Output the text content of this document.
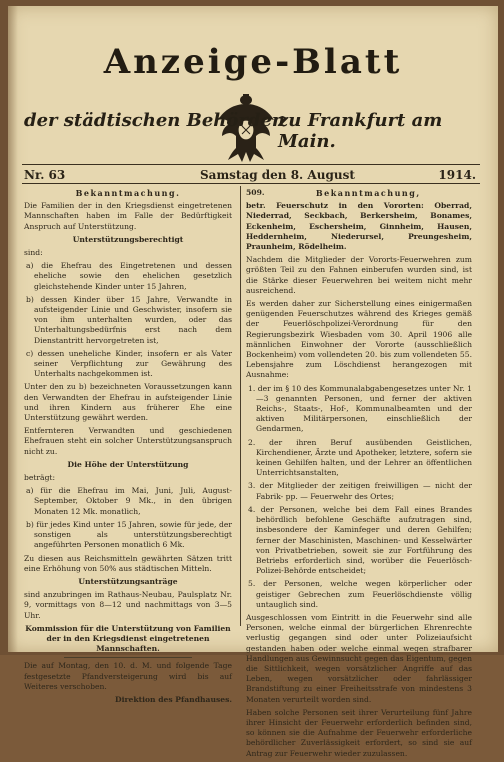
Anzeige-Blatt
der städtischen Behörden
zu Frankfurt am Main.
Nr. 63	Samstag den 8. August	1914.
Bekanntmachung.

Die Familien der in den Kriegsdienst eingetretenen Mannschaften haben im Falle der Bedürftigkeit Anspruch auf Unterstützung.

Unterstützungsberechtigt

sind:

a) die Ehefrau des Eingetretenen und dessen eheliche sowie den ehelichen gesetzlich gleichstehende Kinder unter 15 Jahren,

b) dessen Kinder über 15 Jahre, Verwandte in aufsteigender Linie und Geschwister, insofern sie von ihm unterhalten wurden, oder das Unterhaltungsbedürfnis erst nach dem Dienstantritt hervorgetreten ist,

c) dessen uneheliche Kinder, insofern er als Vater seiner Verpflichtung zur Gewährung des Unterhalts nachgekommen ist.

Unter den zu b) bezeichneten Voraussetzungen kann den Verwandten der Ehefrau in aufsteigender Linie und ihren Kindern aus früherer Ehe eine Unterstützung gewährt werden.

Entfernteren Verwandten und geschiedenen Ehefrauen steht ein solcher Unterstützungsanspruch nicht zu.

Die Höhe der Unterstützung

beträgt:

a) für die Ehefrau im Mai, Juni, Juli, August-September, Oktober 9 Mk., in den übrigen Monaten 12 Mk. monatlich,

b) für jedes Kind unter 15 Jahren, sowie für jede, der sonstigen als unterstützungsberechtigt angeführten Personen monatlich 6 Mk.

Zu diesen aus Reichsmitteln gewährten Sätzen tritt eine Erhöhung von 50% aus städtischen Mitteln.

Unterstützungsanträge

sind anzubringen im Rathaus-Neubau, Paulsplatz Nr. 9, vormittags von 8—12 und nachmittags von 3—5 Uhr.

Kommission für die Unterstützung von Familien der in den Kriegsdienst eingetretenen Mannschaften.

Die auf Montag, den 10. d. M. und folgende Tage festgesetzte Pfandversteigerung wird bis auf Weiteres verschoben.

Direktion des Pfandhauses.

509.	Bekanntmachung,

betr. Feuerschutz in den Vororten: Oberrad, Niederrad, Seckbach, Berkersheim, Bonames, Eckenheim, Eschersheim, Ginnheim, Hausen, Heddernheim, Niederursel, Preungesheim, Praunheim, Rödelheim.

Nachdem die Mitglieder der Vororts-Feuerwehren zum größten Teil zu den Fahnen einberufen wurden sind, ist die Stärke dieser Feuerwehren bei weitem nicht mehr ausreichend.

Es werden daher zur Sicherstellung eines einigermaßen genügenden Feuerschutzes während des Krieges gemäß der Feuerlöschpolizei-Verordnung für den Regierungsbezirk Wiesbaden vom 30. April 1906 alle männlichen Einwohner der Vororte (ausschließlich Bockenheim) vom vollendeten 20. bis zum vollendeten 55. Lebensjahre zum Löschdienst herangezogen mit Ausnahme:

1. der im § 10 des Kommunalabgabengesetzes unter Nr. 1—3 genannten Personen, und ferner der aktiven Reichs-, Staats-, Hof-, Kommunalbeamten und der aktiven Militärpersonen, einschließlich der Gendarmen,

2. der ihren Beruf ausübenden Geistlichen, Kirchendiener, Ärzte und Apotheker, letztere, sofern sie keinen Gehilfen halten, und der Lehrer an öffentlichen Unterrichtsanstalten,

3. der Mitglieder der zeitigen freiwilligen — nicht der Fabrik- pp. — Feuerwehr des Ortes;

4. der Personen, welche bei dem Fall eines Brandes behördlich befohlene Geschäfte aufzutragen sind, insbesondere der Kaminfeger und deren Gehilfen; ferner der Maschinisten, Maschinen- und Kesselwärter von Privatbetrieben, soweit sie zur Fortführung des Betriebs erforderlich sind, worüber die Feuerlösch-Polizei-Behörde entscheidet;

5. der Personen, welche wegen körperlicher oder geistiger Gebrechen zum Feuerlöschdienste völlig untauglich sind.

Ausgeschlossen vom Eintritt in die Feuerwehr sind alle Personen, welche einmal der bürgerlichen Ehrenrechte verlustig gegangen sind oder unter Polizeiaufsicht gestanden haben oder welche einmal wegen strafbarer Handlungen aus Gewinnsucht gegen das Eigentum, gegen die Sittlichkeit, wegen vorsätzlicher Angriffe auf das Leben, wegen vorsätzlicher oder fahrlässiger Brandstiftung zu einer Freiheitsstrafe von mindestens 3 Monaten verurteilt worden sind.

Haben solche Personen seit ihrer Verurteilung fünf Jahre ihrer Hinsicht der Feuerwehr erforderlich befinden sind, so können sie die Aufnahme der Feuerwehr erforderliche behördlicher Zuverlässigkeit erfordert, so sind sie auf Antrag zur Feuerwehr wieder zuzulassen.
